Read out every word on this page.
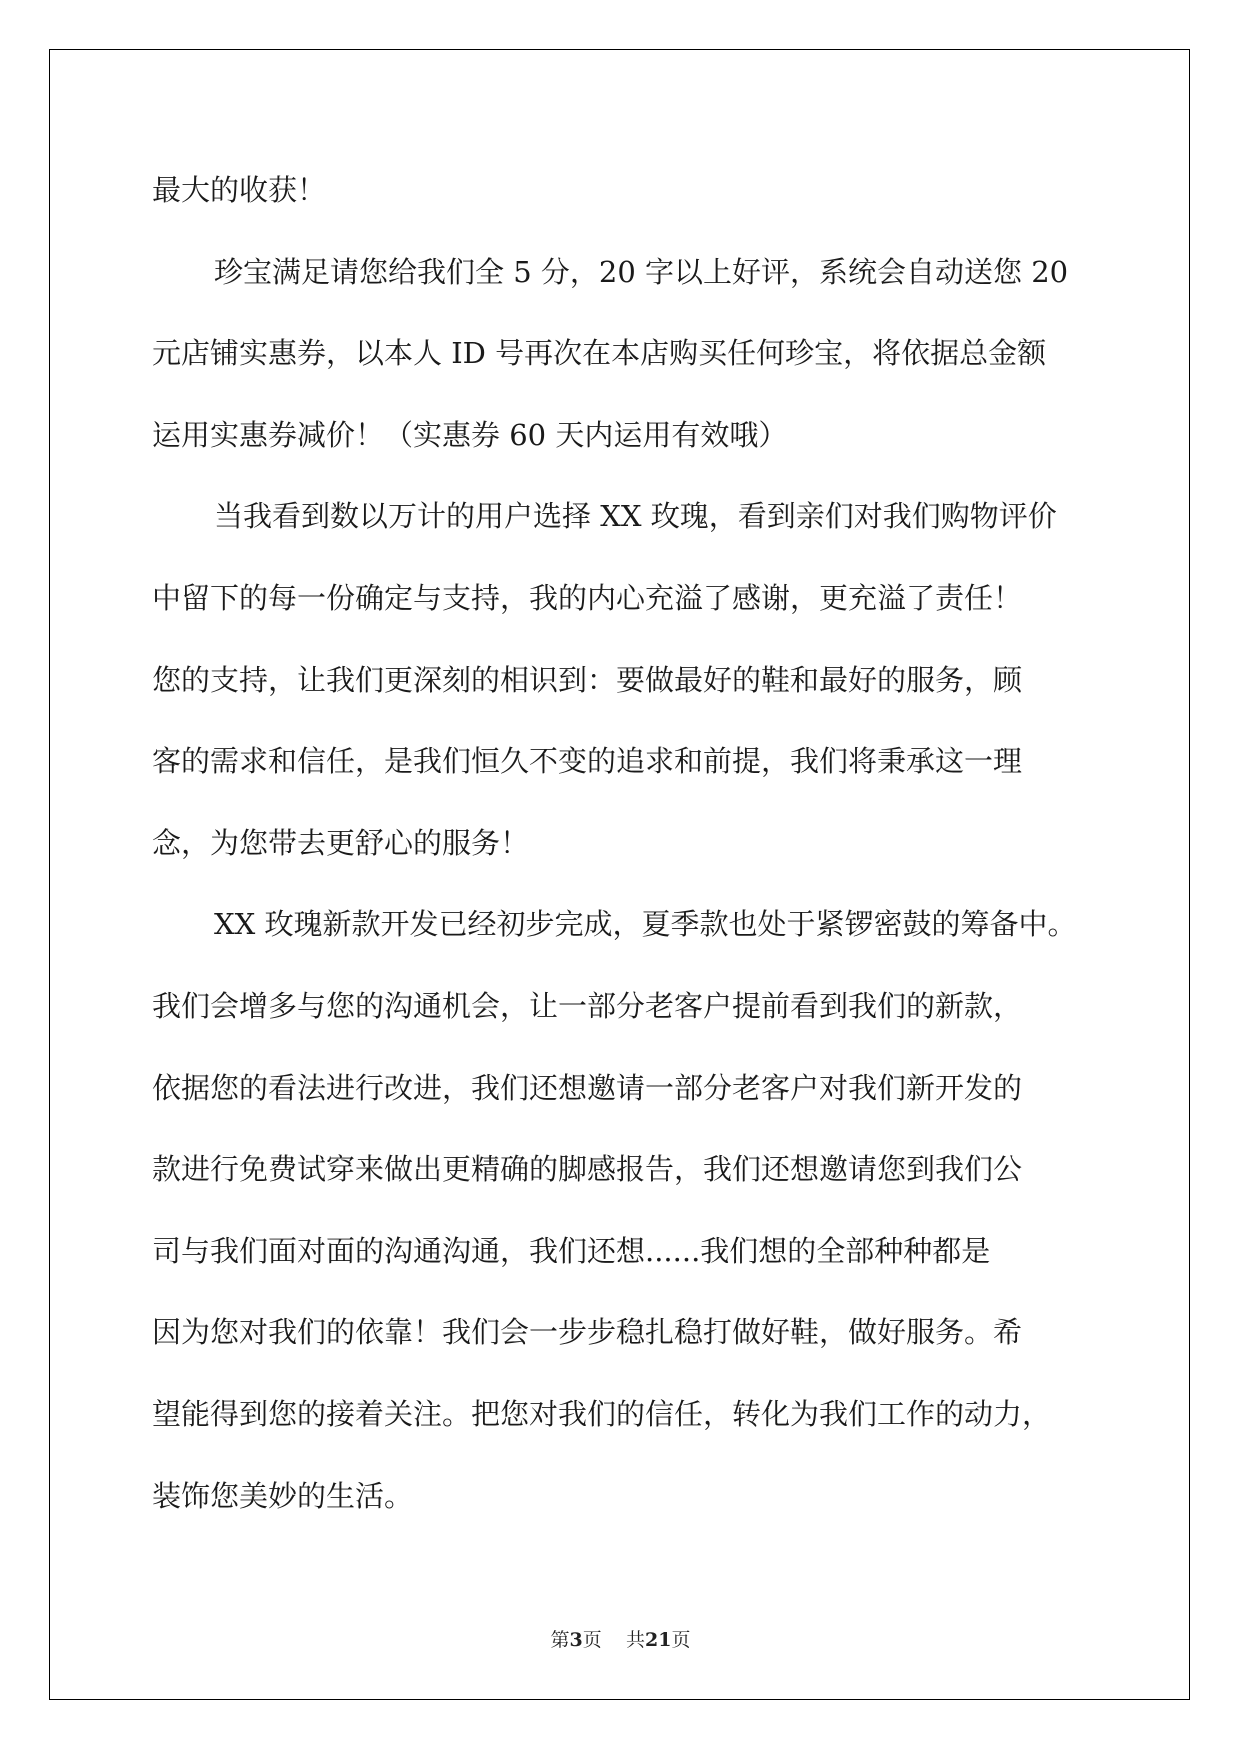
最大的收获！
珍宝满足请您给我们全 5 分，20 字以上好评，系统会自动送您 20
元店铺实惠券，以本人 ID 号再次在本店购买任何珍宝，将依据总金额
运用实惠券减价！（实惠券 60 天内运用有效哦）
当我看到数以万计的用户选择 XX 玫瑰，看到亲们对我们购物评价
中留下的每一份确定与支持，我的内心充溢了感谢，更充溢了责任！
您的支持，让我们更深刻的相识到：要做最好的鞋和最好的服务，顾
客的需求和信任，是我们恒久不变的追求和前提，我们将秉承这一理
念，为您带去更舒心的服务！
XX 玫瑰新款开发已经初步完成，夏季款也处于紧锣密鼓的筹备中。
我们会增多与您的沟通机会，让一部分老客户提前看到我们的新款，
依据您的看法进行改进，我们还想邀请一部分老客户对我们新开发的
款进行免费试穿来做出更精确的脚感报告，我们还想邀请您到我们公
司与我们面对面的沟通沟通，我们还想......我们想的全部种种都是
因为您对我们的依靠！我们会一步步稳扎稳打做好鞋，做好服务。希
望能得到您的接着关注。把您对我们的信任，转化为我们工作的动力，
装饰您美妙的生活。

第3页 共21页
